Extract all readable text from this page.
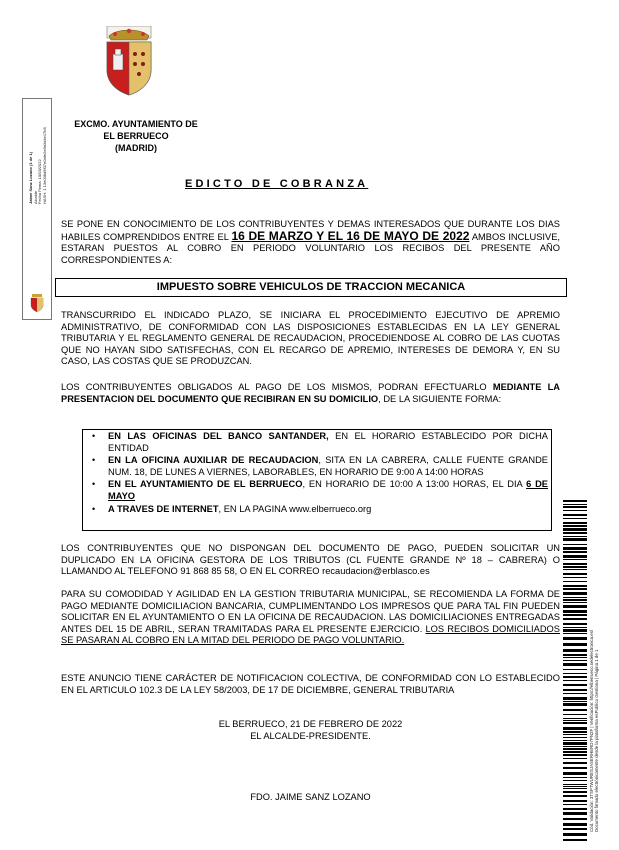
EXCMO. AYUNTAMIENTO DE
EL BERRUECO
(MADRID)
Jaime Sanz Lozano (1 de 1) Alcalde Fecha Firma: 10/03/2022 HASH: 1 13e008d9f07e0afe2e8a3d4e17b8	EDICTO DE COBRANZA
SE PONE EN CONOCIMIENTO DE LOS CONTRIBUYENTES Y DEMAS INTERESADOS QUE DURANTE LOS DIAS HABILES COMPRENDIDOS ENTRE EL 16 DE MARZO Y EL 16 DE MAYO DE 2022 AMBOS INCLUSIVE, ESTARAN PUESTOS AL COBRO EN PERIODO VOLUNTARIO LOS RECIBOS DEL PRESENTE AÑO CORRESPONDIENTES A:
IMPUESTO SOBRE VEHICULOS DE TRACCION MECANICA
TRANSCURRIDO EL INDICADO PLAZO, SE INICIARA EL PROCEDIMIENTO EJECUTIVO DE APREMIO ADMINISTRATIVO, DE CONFORMIDAD CON LAS DISPOSICIONES ESTABLECIDAS EN LA LEY GENERAL TRIBUTARIA Y EL REGLAMENTO GENERAL DE RECAUDACION, PROCEDIENDOSE AL COBRO DE LAS CUOTAS QUE NO HAYAN SIDO SATISFECHAS, CON EL RECARGO DE APREMIO, INTERESES DE DEMORA Y, EN SU CASO, LAS COSTAS QUE SE PRODUZCAN.
LOS CONTRIBUYENTES OBLIGADOS AL PAGO DE LOS MISMOS, PODRAN EFECTUARLO MEDIANTE LA PRESENTACION DEL DOCUMENTO QUE RECIBIRAN EN SU DOMICILIO, DE LA SIGUIENTE FORMA:
• EN LAS OFICINAS DEL BANCO SANTANDER, EN EL HORARIO ESTABLECIDO POR DICHA ENTIDAD
• EN LA OFICINA AUXILIAR DE RECAUDACION, SITA EN LA CABRERA, CALLE FUENTE GRANDE NUM. 18, DE LUNES A VIERNES, LABORABLES, EN HORARIO DE 9:00 A 14:00 HORAS
• EN EL AYUNTAMIENTO DE EL BERRUECO, EN HORARIO DE 10:00 A 13:00 HORAS, EL DIA 6 DE MAYO
• A TRAVES DE INTERNET, EN LA PAGINA www.elberrueco.org
LOS CONTRIBUYENTES QUE NO DISPONGAN DEL DOCUMENTO DE PAGO, PUEDEN SOLICITAR UN DUPLICADO EN LA OFICINA GESTORA DE LOS TRIBUTOS (CL FUENTE GRANDE Nº 18 – CABRERA) O LLAMANDO AL TELEFONO 91 868 85 58, O EN EL CORREO recaudacion@erblasco.es
PARA SU COMODIDAD Y AGILIDAD EN LA GESTION TRIBUTARIA MUNICIPAL, SE RECOMIENDA LA FORMA DE PAGO MEDIANTE DOMICILIACION BANCARIA, CUMPLIMENTANDO LOS IMPRESOS QUE PARA TAL FIN PUEDEN SOLICITAR EN EL AYUNTAMIENTO O EN LA OFICINA DE RECAUDACION. LAS DOMICILIACIONES ENTREGADAS ANTES DEL 15 DE ABRIL, SERAN TRAMITADAS PARA EL PRESENTE EJERCICIO. LOS RECIBOS DOMICILIADOS SE PASARAN AL COBRO EN LA MITAD DEL PERIODO DE PAGO VOLUNTARIO.
ESTE ANUNCIO TIENE CARÁCTER DE NOTIFICACION COLECTIVA, DE CONFORMIDAD CON LO ESTABLECIDO EN EL ARTICULO 102.3 DE LA LEY 58/2003, DE 17 DE DICIEMBRE, GENERAL TRIBUTARIA
EL BERRUECO, 21 DE FEBRERO DE 2022
EL ALCALDE-PRESIDENTE.
FDO. JAIME SANZ LOZANO	Cód. Validación: 3TSPTWURESJASERHERD7PN2F | Verificación: https://elberrueco.sedelectronica.es/ Documento firmado electrónicamente desde la plataforma esPublico Gestiona | Página 1 de 1
